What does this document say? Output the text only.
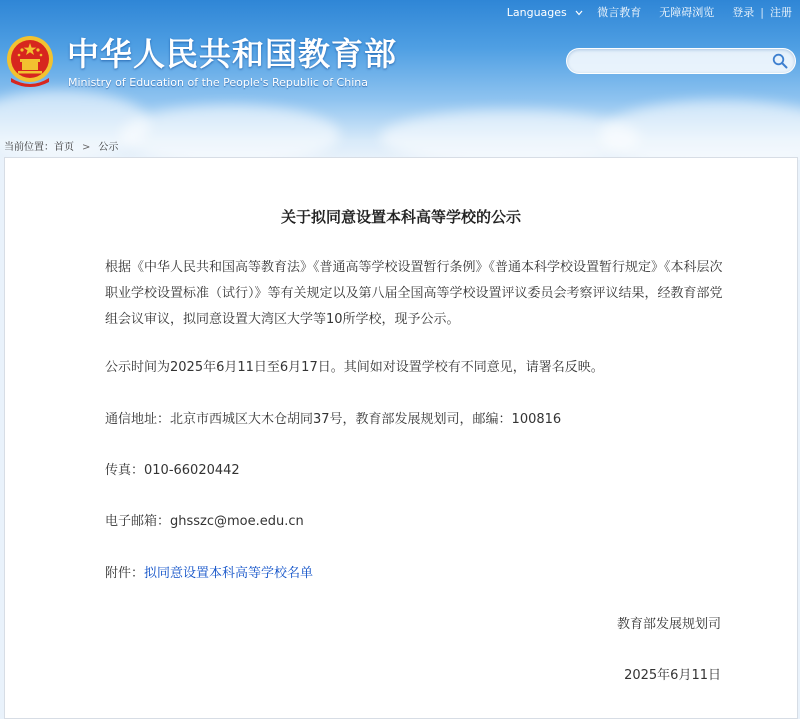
中华人民共和国教育部
Ministry of Education of the People's Republic of China
Languages	微言教育 无障碍浏览 登录 | 注册
当前位置：首页 > 公示
关于拟同意设置本科高等学校的公示
根据《中华人民共和国高等教育法》《普通高等学校设置暂行条例》《普通本科学校设置暂行规定》《本科层次职业学校设置标准（试行）》等有关规定以及第八届全国高等学校设置评议委员会考察评议结果，经教育部党组会议审议，拟同意设置大湾区大学等10所学校，现予公示。
公示时间为2025年6月11日至6月17日。其间如对设置学校有不同意见，请署名反映。
通信地址：北京市西城区大木仓胡同37号，教育部发展规划司，邮编：100816
传真：010-66020442
电子邮箱：ghsszc@moe.edu.cn
附件：拟同意设置本科高等学校名单
教育部发展规划司
2025年6月11日
